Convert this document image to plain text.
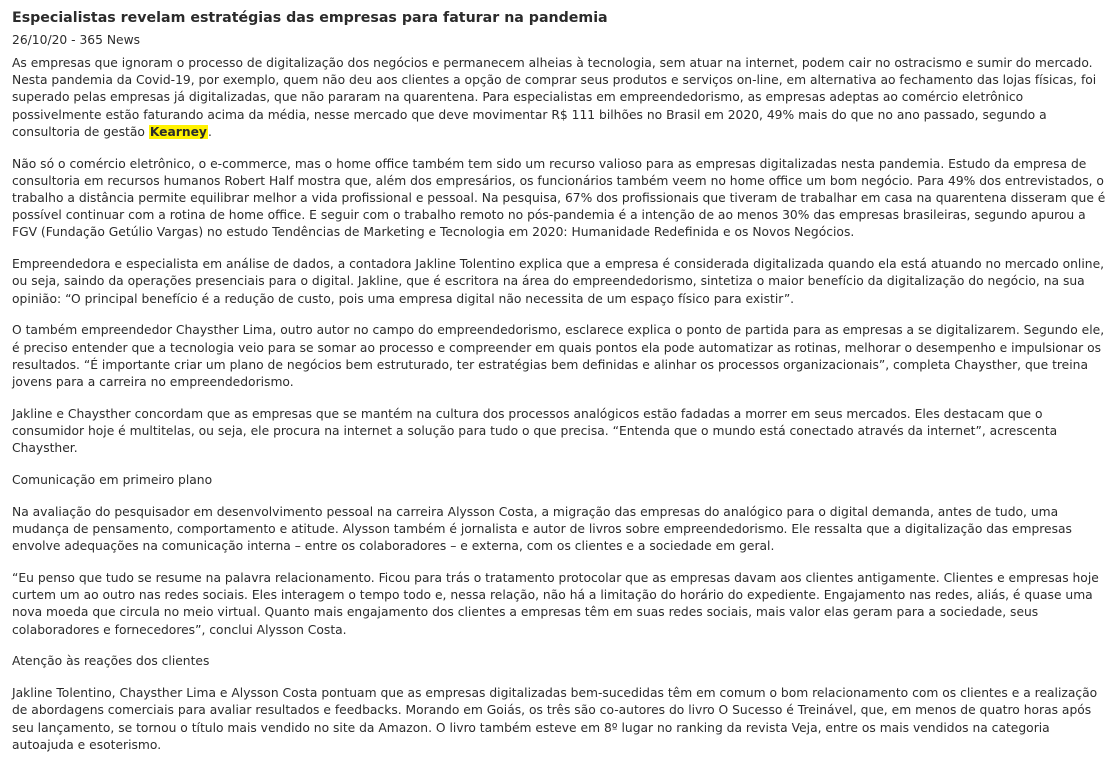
Especialistas revelam estratégias das empresas para faturar na pandemia
26/10/20 - 365 News

As empresas que ignoram o processo de digitalização dos negócios e permanecem alheias à tecnologia, sem atuar na internet, podem cair no ostracismo e sumir do mercado. Nesta pandemia da Covid-19, por exemplo, quem não deu aos clientes a opção de comprar seus produtos e serviços on-line, em alternativa ao fechamento das lojas físicas, foi superado pelas empresas já digitalizadas, que não pararam na quarentena. Para especialistas em empreendedorismo, as empresas adeptas ao comércio eletrônico possivelmente estão faturando acima da média, nesse mercado que deve movimentar R$ 111 bilhões no Brasil em 2020, 49% mais do que no ano passado, segundo a consultoria de gestão Kearney.

Não só o comércio eletrônico, o e-commerce, mas o home office também tem sido um recurso valioso para as empresas digitalizadas nesta pandemia. Estudo da empresa de consultoria em recursos humanos Robert Half mostra que, além dos empresários, os funcionários também veem no home office um bom negócio. Para 49% dos entrevistados, o trabalho a distância permite equilibrar melhor a vida profissional e pessoal. Na pesquisa, 67% dos profissionais que tiveram de trabalhar em casa na quarentena disseram que é possível continuar com a rotina de home office. E seguir com o trabalho remoto no pós-pandemia é a intenção de ao menos 30% das empresas brasileiras, segundo apurou a FGV (Fundação Getúlio Vargas) no estudo Tendências de Marketing e Tecnologia em 2020: Humanidade Redefinida e os Novos Negócios.

Empreendedora e especialista em análise de dados, a contadora Jakline Tolentino explica que a empresa é considerada digitalizada quando ela está atuando no mercado online, ou seja, saindo da operações presenciais para o digital. Jakline, que é escritora na área do empreendedorismo, sintetiza o maior benefício da digitalização do negócio, na sua opinião: “O principal benefício é a redução de custo, pois uma empresa digital não necessita de um espaço físico para existir”.

O também empreendedor Chaysther Lima, outro autor no campo do empreendedorismo, esclarece explica o ponto de partida para as empresas a se digitalizarem. Segundo ele, é preciso entender que a tecnologia veio para se somar ao processo e compreender em quais pontos ela pode automatizar as rotinas, melhorar o desempenho e impulsionar os resultados. “É importante criar um plano de negócios bem estruturado, ter estratégias bem definidas e alinhar os processos organizacionais”, completa Chaysther, que treina jovens para a carreira no empreendedorismo.

Jakline e Chaysther concordam que as empresas que se mantém na cultura dos processos analógicos estão fadadas a morrer em seus mercados. Eles destacam que o consumidor hoje é multitelas, ou seja, ele procura na internet a solução para tudo o que precisa. “Entenda que o mundo está conectado através da internet”, acrescenta Chaysther.

Comunicação em primeiro plano

Na avaliação do pesquisador em desenvolvimento pessoal na carreira Alysson Costa, a migração das empresas do analógico para o digital demanda, antes de tudo, uma mudança de pensamento, comportamento e atitude. Alysson também é jornalista e autor de livros sobre empreendedorismo. Ele ressalta que a digitalização das empresas envolve adequações na comunicação interna – entre os colaboradores – e externa, com os clientes e a sociedade em geral.

“Eu penso que tudo se resume na palavra relacionamento. Ficou para trás o tratamento protocolar que as empresas davam aos clientes antigamente. Clientes e empresas hoje curtem um ao outro nas redes sociais. Eles interagem o tempo todo e, nessa relação, não há a limitação do horário do expediente. Engajamento nas redes, aliás, é quase uma nova moeda que circula no meio virtual. Quanto mais engajamento dos clientes a empresas têm em suas redes sociais, mais valor elas geram para a sociedade, seus colaboradores e fornecedores”, conclui Alysson Costa.

Atenção às reações dos clientes

Jakline Tolentino, Chaysther Lima e Alysson Costa pontuam que as empresas digitalizadas bem-sucedidas têm em comum o bom relacionamento com os clientes e a realização de abordagens comerciais para avaliar resultados e feedbacks. Morando em Goiás, os três são co-autores do livro O Sucesso é Treinável, que, em menos de quatro horas após seu lançamento, se tornou o título mais vendido no site da Amazon. O livro também esteve em 8º lugar no ranking da revista Veja, entre os mais vendidos na categoria autoajuda e esoterismo.
